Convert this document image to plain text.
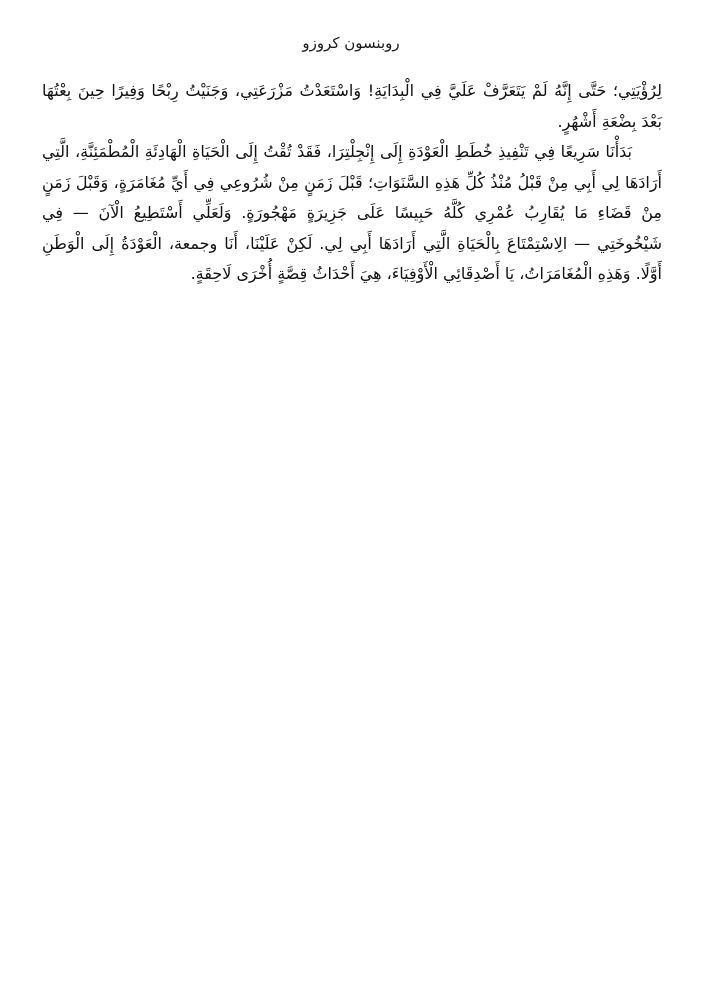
روبنسون كروزو

لِرُؤْيَتِي؛ حَتَّى إِنَّهُ لَمْ يَتَعَرَّفْ عَلَيَّ فِي الْبِدَايَةِ! وَاسْتَعَدْتُ مَزْرَعَتِي، وَجَنَيْتُ رِبْحًا وَفِيرًا حِينَ بِعْتُهَا بَعْدَ بِضْعَةِ أَشْهُرٍ.

بَدَأْنَا سَرِيعًا فِي تَنْفِيذِ خُطَطِ الْعَوْدَةِ إِلَى إِنْجِلْتِرَا، فَقَدْ تُقْتُ إِلَى الْحَيَاةِ الْهَادِئَةِ الْمُطْمَئِنَّةِ، الَّتِي أَرَادَهَا لِي أَبِي مِنْ قَبْلُ مُنْذُ كُلِّ هَذِهِ السَّنَوَاتِ؛ قَبْلَ زَمَنٍ مِنْ شُرُوعِي فِي أَيِّ مُغَامَرَةٍ، وَقَبْلَ زَمَنٍ مِنْ قَضَاءِ مَا يُقَارِبُ عُمْرِي كُلَّهُ حَبِيسًا عَلَى جَزِيرَةٍ مَهْجُورَةٍ. وَلَعَلِّي أَسْتَطِيعُ الْآنَ — فِي شَيْخُوخَتِي — الِاسْتِمْتَاعَ بِالْحَيَاةِ الَّتِي أَرَادَهَا أَبِي لِي. لَكِنْ عَلَيْنَا، أَنَا وجمعة، الْعَوْدَةُ إِلَى الْوَطَنِ أَوَّلًا. وَهَذِهِ الْمُغَامَرَاتُ، يَا أَصْدِقَائِي الْأَوْفِيَاءَ، هِيَ أَحْدَاثُ قِصَّةٍ أُخْرَى لَاحِقَةٍ.
